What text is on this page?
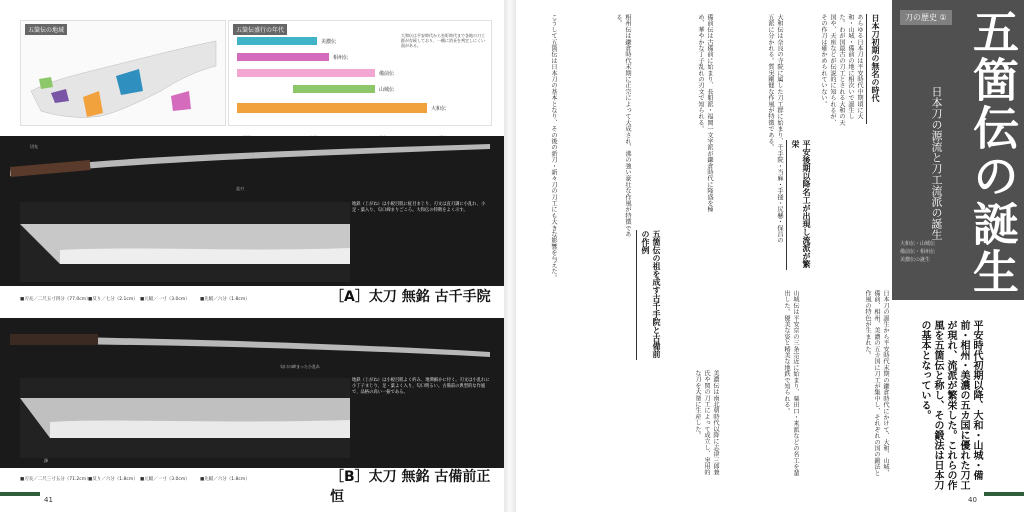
五箇伝の地域	五箇伝盛行の年代
大和伝は平安時代から室町時代まで各地の刀工群が存続しており、一概に消長を判定しにくい面がある。
美濃伝
相州伝
備前伝
山城伝
大和伝
切先
直刃
地鉄（じがね）は小板目肌に柾目まじり、刃文は直刃調に小乱れ、小足・葉入り、匂口締まりごころ。大和伝の特徴をよく示す。
■刃長／二尺五寸四分（77.0cm）
■反り／七分（2.1cm） ■元幅／一寸（3.0cm） ■先幅／六分（1.8cm）	［A］太刀 無銘 古千手院
匂口の締まった小乱れ
鋒
地鉄（じがね）は小板目肌よく約み、地沸細かに付く。刃文は小乱れに小丁子まじり、足・葉よく入り、匂口明るい。古備前の典型的な作風で、品格の高い一振である。
■刃長／二尺三寸五分（71.2cm）
■反り／六分（1.8cm） ■元幅／一寸（3.0cm） ■先幅／六分（1.8cm）	［B］太刀 無銘 古備前正恒
41
刀の歴史 ① 五箇伝の誕生
日本刀の源流と刀工流派の誕生
大和伝・山城伝
備前伝・相州伝
美濃伝の誕生
平安時代初期以降、大和・山城・備前・相州・美濃の五カ国に優れた刀工が現れ、流派が繁栄した。これらの作風を五箇伝と称し、その鍛法は日本刀の基本となっている。
日本刀初期の無名の時代
平安後期以降名工が出現し流派が繁栄
五箇伝の祖を成す古千手院と古備前の作例
あらゆる日本刀は平安時代中期頃に大和・山城・備前の地に相次いで誕生した。わが国最古の刀工とされる大和の天国や、天座などが伝説的に知られるが、その作刀は確かめられていない。
日本刀の誕生から平安時代末期の鎌倉時代にかけて、大和、山城、備前、相州、美濃の五カ国に刀工が集中し、それぞれの国の鍛法と作風の特色が生まれた。
大和伝は奈良の寺院に属した刀工群に始まり、千手院・当麻・手掻・尻懸・保昌の五派に分かれる。質実剛健な作風が特徴である。
山城伝は平安京の三条宗近に始まり、粟田口・来派などの名工を輩出した。優美な姿と精美な地鉄で知られる。
備前伝は古備前に始まり、長船派・福岡一文字派が鎌倉時代に隆盛を極め、華やかな丁子乱れの刃文で知られる。
相州伝は鎌倉時代末期に正宗によって大成され、沸の強い豪壮な作風が特徴である。
美濃伝は南北朝時代以降に志津三郎兼氏や関の刀工によって成立し、実用的な刀を大量に生産した。
こうして五箇伝は日本刀の基本となり、その後の新刀・新々刀の刀工にも大きな影響を与えた。
40
